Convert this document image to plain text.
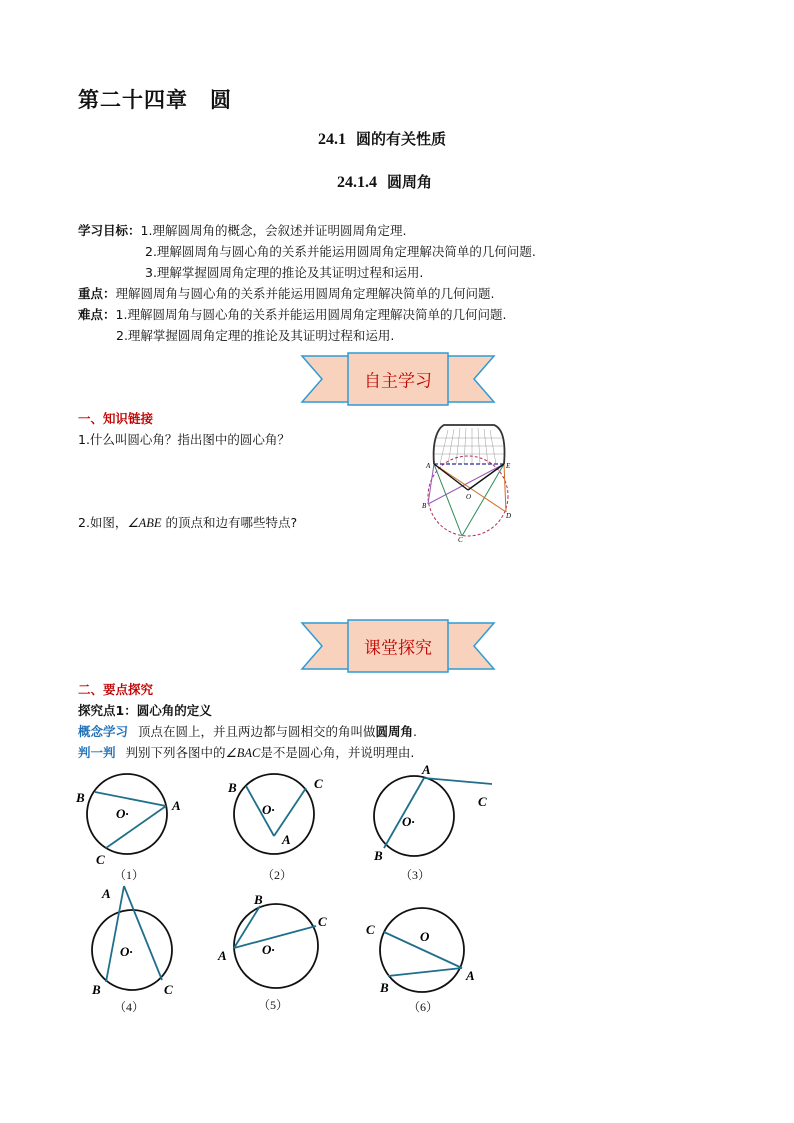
第二十四章 圆
24.1 圆的有关性质
24.1.4 圆周角
学习目标：1.理解圆周角的概念，会叙述并证明圆周角定理.
2.理解圆周角与圆心角的关系并能运用圆周角定理解决简单的几何问题.
3.理解掌握圆周角定理的推论及其证明过程和运用.
重点：理解圆周角与圆心角的关系并能运用圆周角定理解决简单的几何问题.
难点：1.理解圆周角与圆心角的关系并能运用圆周角定理解决简单的几何问题.
2.理解掌握圆周角定理的推论及其证明过程和运用.
自主学习
一、知识链接
1.什么叫圆心角？指出图中的圆心角？
2.如图，∠ABE 的顶点和边有哪些特点?
A	E
O
B
C
D
课堂探究
二、要点探究
探究点1：圆心角的定义
概念学习 顶点在圆上，并且两边都与圆相交的角叫做圆周角.
判一判 判别下列各图中的∠BAC是不是圆心角，并说明理由.
B
A
C
O·
（1）
B	C
A
O·
（2）
A
C
B
O·
（3）
A
B	C
O·
（4）
B
C
A	O·
（5）
C
A
B
O
（6）
